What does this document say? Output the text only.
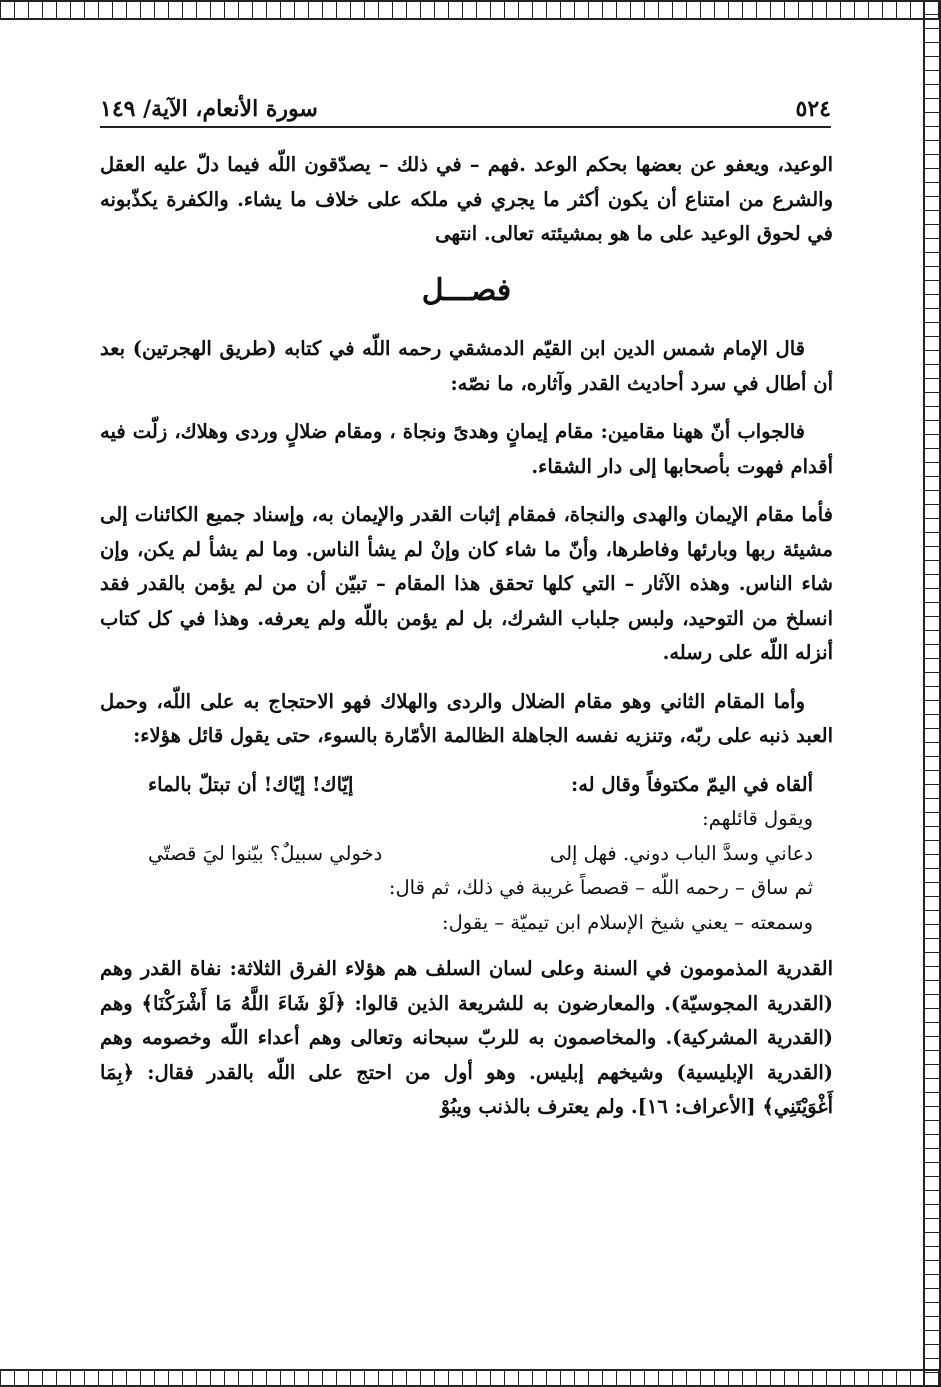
٥٢٤
سورة الأنعام، الآية/ ١٤٩

الوعيد، ويعفو عن بعضها بحكم الوعد .فهم – في ذلك – يصدّقون اللّه فيما دلّ عليه العقل والشرع من امتناع أن يكون أكثر ما يجري في ملكه على خلاف ما يشاء. والكفرة يكذّبونه في لحوق الوعيد على ما هو بمشيئته تعالى. انتهى

فصـــل

قال الإمام شمس الدين ابن القيّم الدمشقي رحمه اللّه في كتابه (طريق الهجرتين) بعد أن أطال في سرد أحاديث القدر وآثاره، ما نصّه:

فالجواب أنّ ههنا مقامين: مقام إيمانٍ وهدىً ونجاة ، ومقام ضلالٍ وردى وهلاك، زلّت فيه أقدام فهوت بأصحابها إلى دار الشقاء.

فأما مقام الإيمان والهدى والنجاة، فمقام إثبات القدر والإيمان به، وإسناد جميع الكائنات إلى مشيئة ربها وبارئها وفاطرها، وأنّ ما شاء كان وإنْ لم يشأ الناس. وما لم يشأ لم يكن، وإن شاء الناس. وهذه الآثار – التي كلها تحقق هذا المقام – تبيّن أن من لم يؤمن بالقدر فقد انسلخ من التوحيد، ولبس جلباب الشرك، بل لم يؤمن باللّه ولم يعرفه. وهذا في كل كتاب أنزله اللّه على رسله.

وأما المقام الثاني وهو مقام الضلال والردى والهلاك فهو الاحتجاج به على اللّه، وحمل العبد ذنبه على ربّه، وتنزيه نفسه الجاهلة الظالمة الأمّارة بالسوء، حتى يقول قائل هؤلاء:

ألقاه في اليمّ مكتوفاً وقال له:
إيّاك! إيّاك! أن تبتلّ بالماء

ويقول قائلهم:

دعاني وسدَّ الباب دوني. فهل إلى
دخولي سبيلٌ؟ بيّنوا ليَ قصتّي

ثم ساق – رحمه اللّه – قصصاً غريبة في ذلك، ثم قال:

وسمعته – يعني شيخ الإسلام ابن تيميّة – يقول:

القدرية المذمومون في السنة وعلى لسان السلف هم هؤلاء الفرق الثلاثة: نفاة القدر وهم (القدرية المجوسيّة). والمعارضون به للشريعة الذين قالوا: ﴿لَوْ شَاءَ اللَّهُ مَا أَشْرَكْنَا﴾ وهم (القدرية المشركية). والمخاصمون به للربّ سبحانه وتعالى وهم أعداء اللّه وخصومه وهم (القدرية الإبليسية) وشيخهم إبليس. وهو أول من احتج على اللّه بالقدر فقال: ﴿بِمَا أَغْوَيْتَنِي﴾ [الأعراف: ١٦]. ولم يعترف بالذنب ويبُوْ
